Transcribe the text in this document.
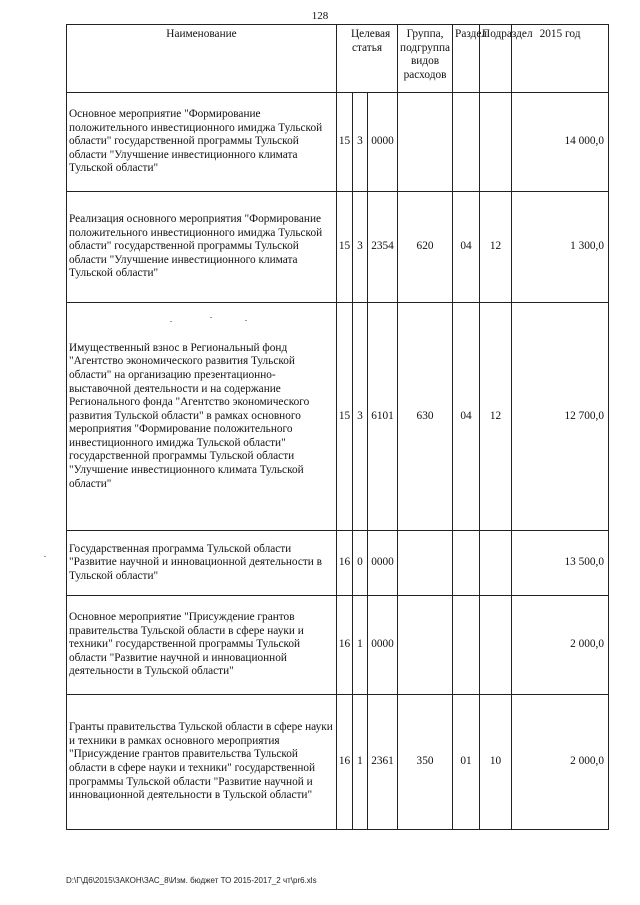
128
Наименование	Целевая статья			Группа, подгруппа видов расходов	Раздел	Подраздел	2015 год
Основное мероприятие "Формирование положительного инвестиционного имиджа Тульской области" государственной программы Тульской области "Улучшение инвестиционного климата Тульской области"	15	3	0000				14 000,0
Реализация основного мероприятия "Формирование положительного инвестиционного имиджа Тульской области" государственной программы Тульской области "Улучшение инвестиционного климата Тульской области"	15	3	2354	620	04	12	1 300,0
Имущественный взнос в Региональный фонд "Агентство экономического развития Тульской области" на организацию презентационно-выставочной деятельности и на содержание Регионального фонда "Агентство экономического развития Тульской области" в рамках основного мероприятия "Формирование положительного инвестиционного имиджа Тульской области" государственной программы Тульской области "Улучшение инвестиционного климата Тульской области"	15	3	6101	630	04	12	12 700,0
Государственная программа Тульской области "Развитие научной и инновационной деятельности в Тульской области"	16	0	0000				13 500,0
Основное мероприятие "Присуждение грантов правительства Тульской области в сфере науки и техники" государственной программы Тульской области "Развитие научной и инновационной деятельности в Тульской области"	16	1	0000				2 000,0
Гранты правительства Тульской области в сфере науки и техники в рамках основного мероприятия "Присуждение грантов правительства Тульской области в сфере науки и техники" государственной программы Тульской области "Развитие научной и инновационной деятельности в Тульской области"	16	1	2361	350	01	10	2 000,0
D:\Г\Д6\2015\ЗАКОН\ЗАС_8\Изм. бюджет ТО 2015-2017_2 чт\pr6.xls
